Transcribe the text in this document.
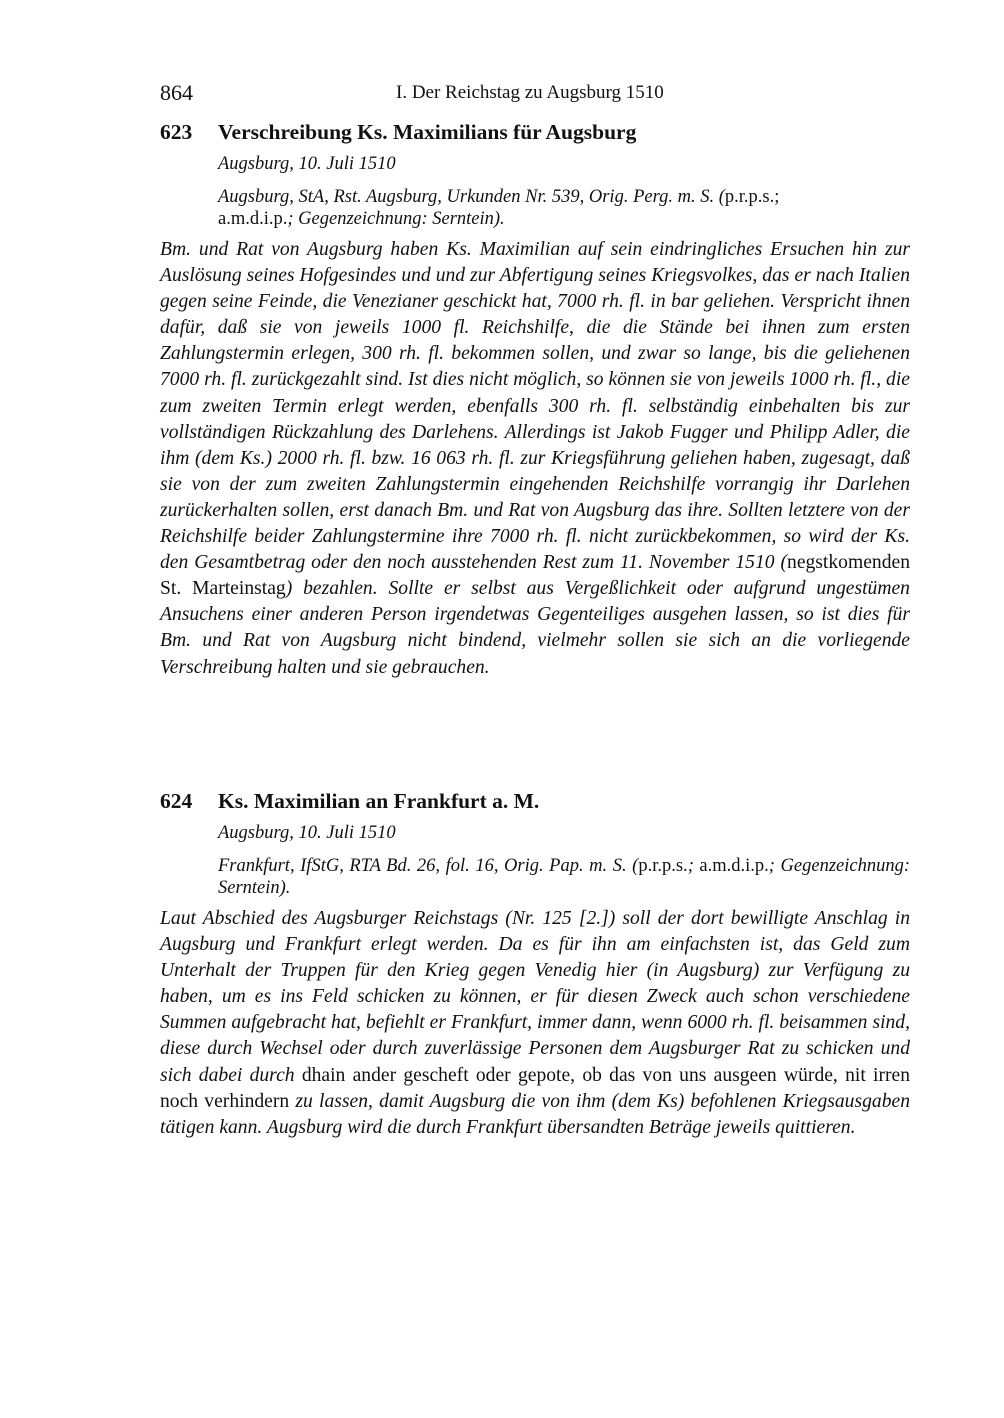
864	I. Der Reichstag zu Augsburg 1510
623 Verschreibung Ks. Maximilians für Augsburg
Augsburg, 10. Juli 1510
Augsburg, StA, Rst. Augsburg, Urkunden Nr. 539, Orig. Perg. m. S. (p.r.p.s.;
a.m.d.i.p.; Gegenzeichnung: Serntein).
Bm. und Rat von Augsburg haben Ks. Maximilian auf sein eindringliches Ersuchen hin zur Auslösung seines Hofgesindes und und zur Abfertigung seines Kriegsvolkes, das er nach Italien gegen seine Feinde, die Venezianer geschickt hat, 7000 rh. fl. in bar geliehen. Verspricht ihnen dafür, daß sie von jeweils 1000 fl. Reichshilfe, die die Stände bei ihnen zum ersten Zahlungstermin erlegen, 300 rh. fl. bekommen sollen, und zwar so lange, bis die geliehenen 7000 rh. fl. zurückgezahlt sind. Ist dies nicht möglich, so können sie von jeweils 1000 rh. fl., die zum zweiten Termin erlegt werden, ebenfalls 300 rh. fl. selbständig einbehalten bis zur vollständigen Rückzahlung des Darlehens. Allerdings ist Jakob Fugger und Philipp Adler, die ihm (dem Ks.) 2000 rh. fl. bzw. 16 063 rh. fl. zur Kriegsführung geliehen haben, zugesagt, daß sie von der zum zweiten Zahlungstermin eingehenden Reichshilfe vorrangig ihr Darlehen zurückerhalten sollen, erst danach Bm. und Rat von Augsburg das ihre. Sollten letztere von der Reichshilfe beider Zahlungstermine ihre 7000 rh. fl. nicht zurückbekommen, so wird der Ks. den Gesamtbetrag oder den noch ausstehenden Rest zum 11. November 1510 (negstkomenden St. Marteinstag) bezahlen. Sollte er selbst aus Vergeßlichkeit oder aufgrund ungestümen Ansuchens einer anderen Person irgendetwas Gegenteiliges ausgehen lassen, so ist dies für Bm. und Rat von Augsburg nicht bindend, vielmehr sollen sie sich an die vorliegende Verschreibung halten und sie gebrauchen.
624 Ks. Maximilian an Frankfurt a. M.
Augsburg, 10. Juli 1510
Frankfurt, IfStG, RTA Bd. 26, fol. 16, Orig. Pap. m. S. (p.r.p.s.; a.m.d.i.p.; Gegenzeichnung: Serntein).
Laut Abschied des Augsburger Reichstags (Nr. 125 [2.]) soll der dort bewilligte Anschlag in Augsburg und Frankfurt erlegt werden. Da es für ihn am einfachsten ist, das Geld zum Unterhalt der Truppen für den Krieg gegen Venedig hier (in Augsburg) zur Verfügung zu haben, um es ins Feld schicken zu können, er für diesen Zweck auch schon verschiedene Summen aufgebracht hat, befiehlt er Frankfurt, immer dann, wenn 6000 rh. fl. beisammen sind, diese durch Wechsel oder durch zuverlässige Personen dem Augsburger Rat zu schicken und sich dabei durch dhain ander gescheft oder gepote, ob das von uns ausgeen würde, nit irren noch verhindern zu lassen, damit Augsburg die von ihm (dem Ks) befohlenen Kriegsausgaben tätigen kann. Augsburg wird die durch Frankfurt übersandten Beträge jeweils quittieren.
